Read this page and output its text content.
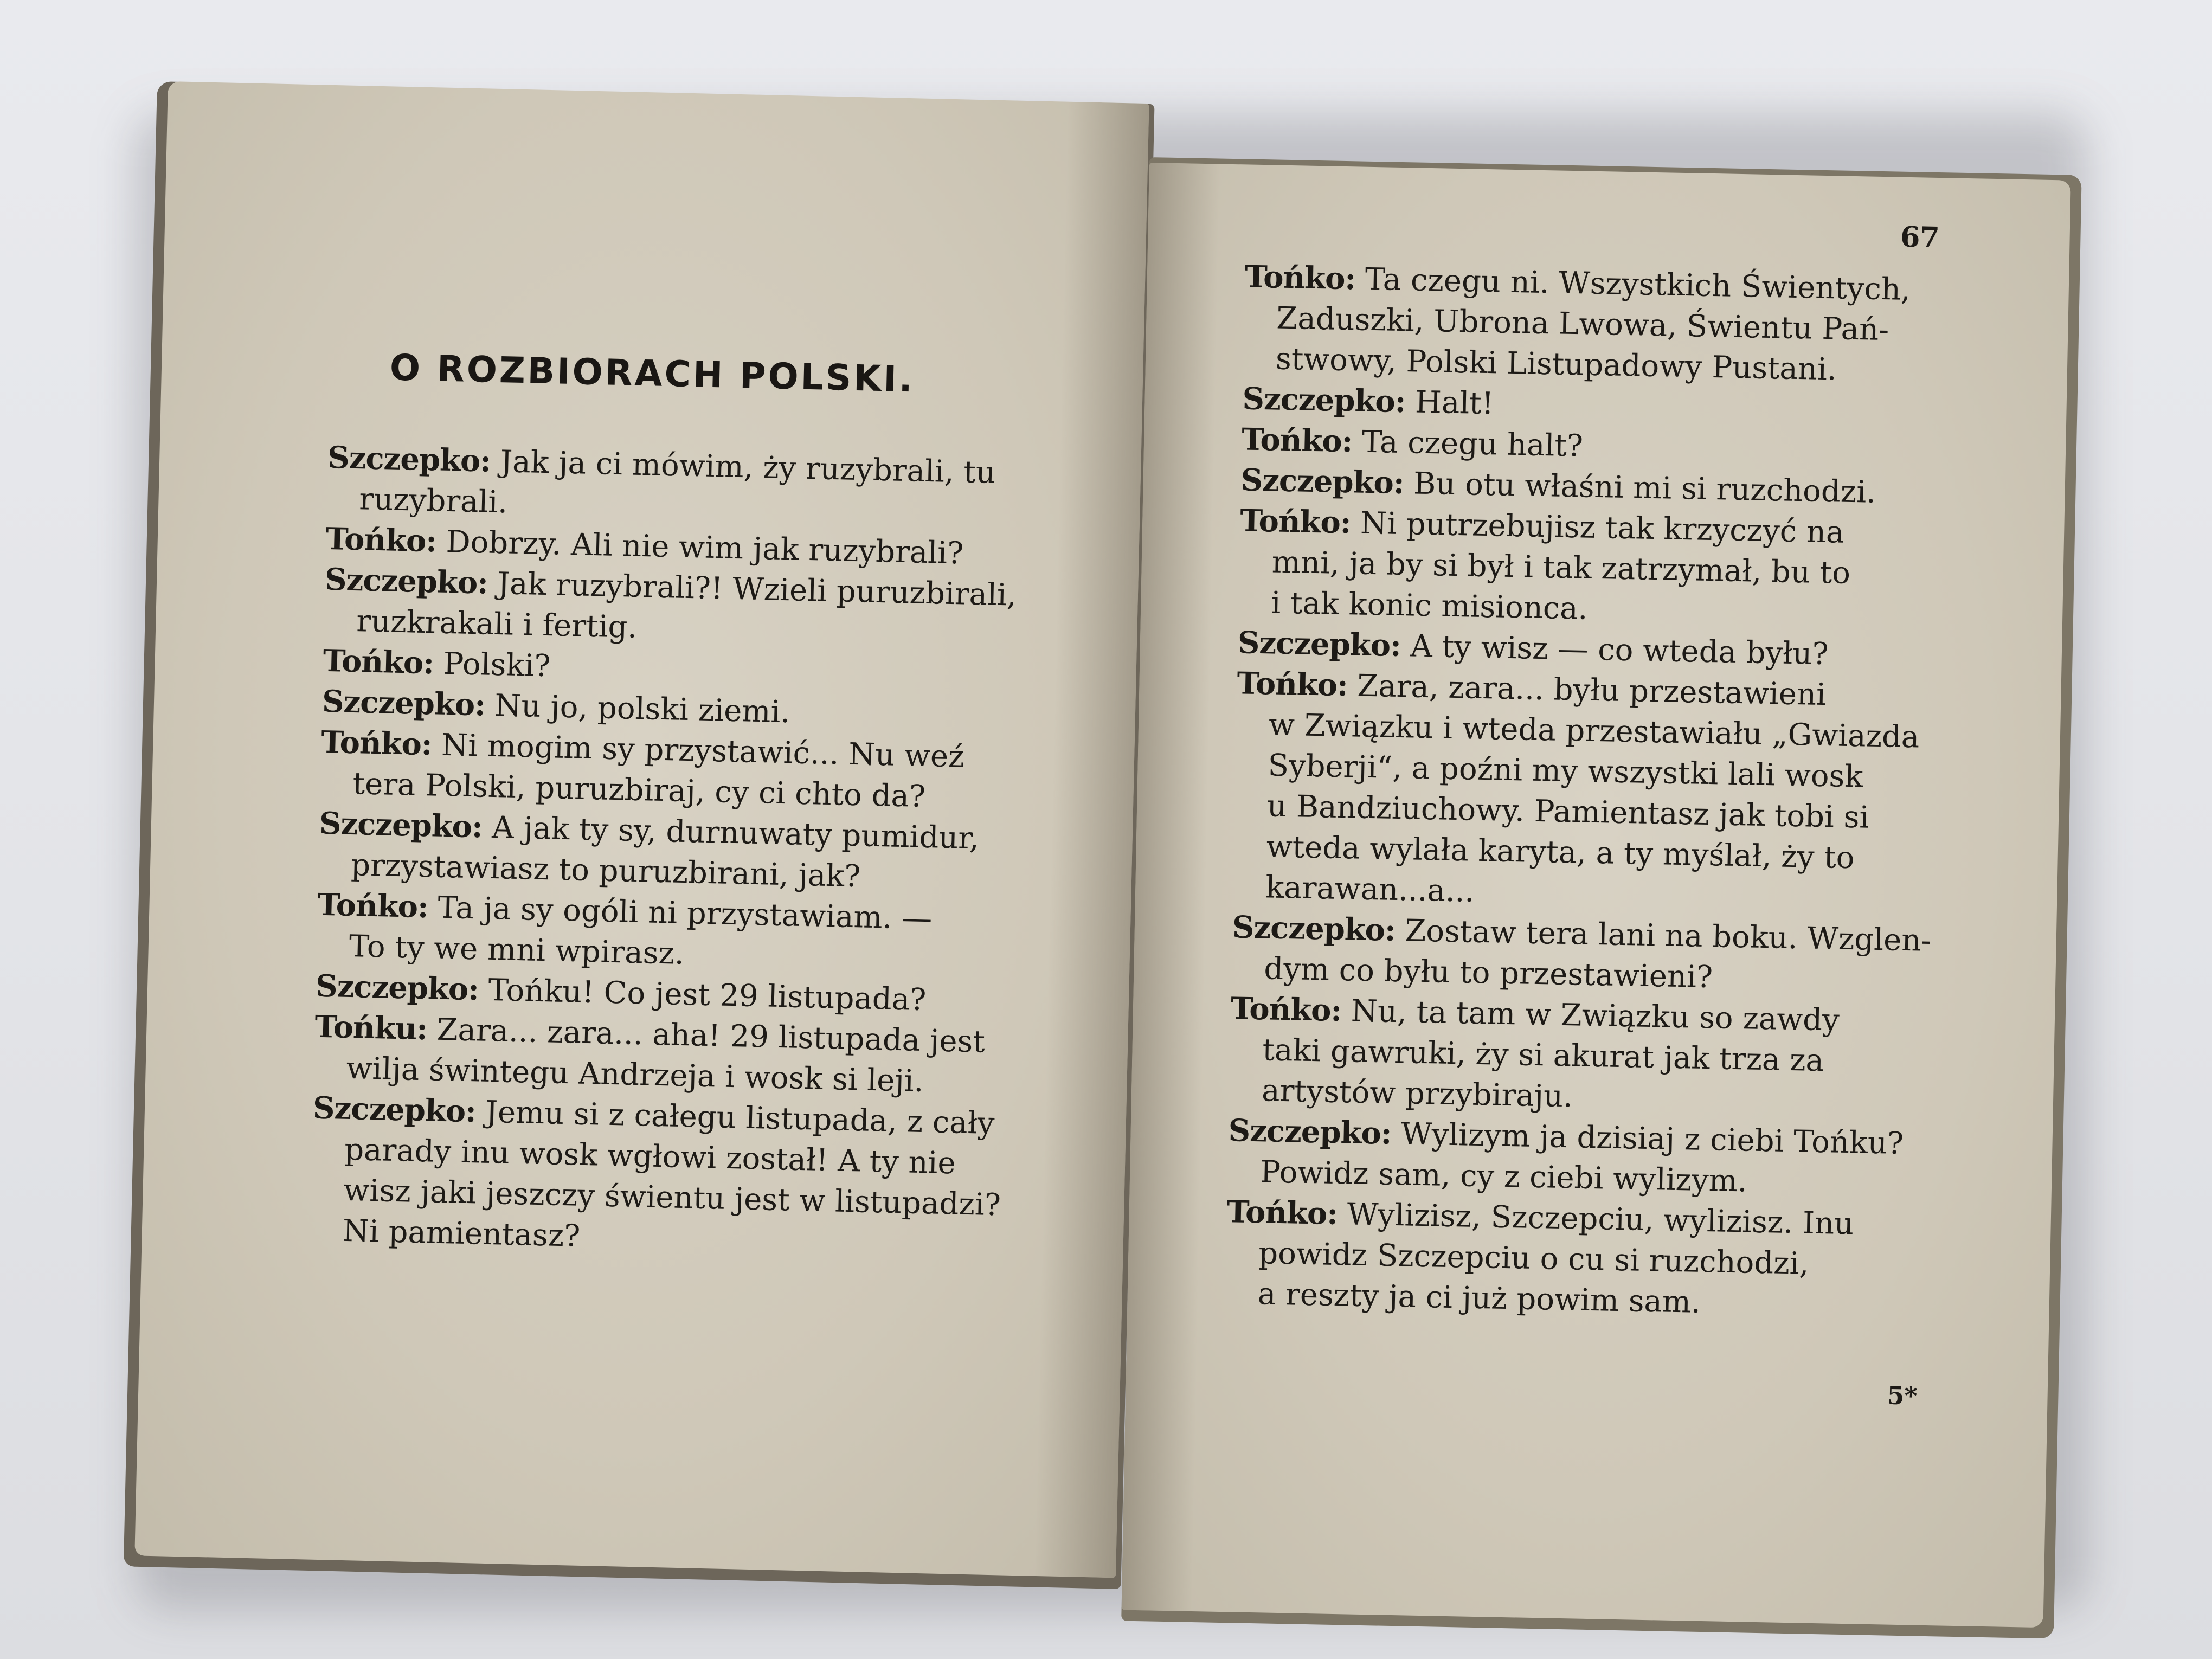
O ROZBIORACH POLSKI.
Szczepko: Jak ja ci mówim, ży ruzybrali, tu
ruzybrali.
Tońko: Dobrzy. Ali nie wim jak ruzybrali?
Szczepko: Jak ruzybrali?! Wzieli puruzbirali,
ruzkrakali i fertig.
Tońko: Polski?
Szczepko: Nu jo, polski ziemi.
Tońko: Ni mogim sy przystawić... Nu weź
tera Polski, puruzbiraj, cy ci chto da?
Szczepko: A jak ty sy, durnuwaty pumidur,
przystawiasz to puruzbirani, jak?
Tońko: Ta ja sy ogóli ni przystawiam. —
To ty we mni wpirasz.
Szczepko: Tońku! Co jest 29 listupada?
Tońku: Zara... zara... aha! 29 listupada jest
wilja świntegu Andrzeja i wosk si leji.
Szczepko: Jemu si z całegu listupada, z cały
parady inu wosk wgłowi został! A ty nie
wisz jaki jeszczy świentu jest w listupadzi?
Ni pamientasz?
67
Tońko: Ta czegu ni. Wszystkich Świentych,
Zaduszki, Ubrona Lwowa, Świentu Pań-
stwowy, Polski Listupadowy Pustani.
Szczepko: Halt!
Tońko: Ta czegu halt?
Szczepko: Bu otu właśni mi si ruzchodzi.
Tońko: Ni putrzebujisz tak krzyczyć na
mni, ja by si był i tak zatrzymał, bu to
i tak konic misionca.
Szczepko: A ty wisz — co wteda byłu?
Tońko: Zara, zara... byłu przestawieni
w Związku i wteda przestawiału „Gwiazda
Syberji“, a poźni my wszystki lali wosk
u Bandziuchowy. Pamientasz jak tobi si
wteda wylała karyta, a ty myślał, ży to
karawan...a...
Szczepko: Zostaw tera lani na boku. Wzglen-
dym co byłu to przestawieni?
Tońko: Nu, ta tam w Związku so zawdy
taki gawruki, ży si akurat jak trza za
artystów przybiraju.
Szczepko: Wylizym ja dzisiaj z ciebi Tońku?
Powidz sam, cy z ciebi wylizym.
Tońko: Wylizisz, Szczepciu, wylizisz. Inu
powidz Szczepciu o cu si ruzchodzi,
a reszty ja ci już powim sam.
5*
